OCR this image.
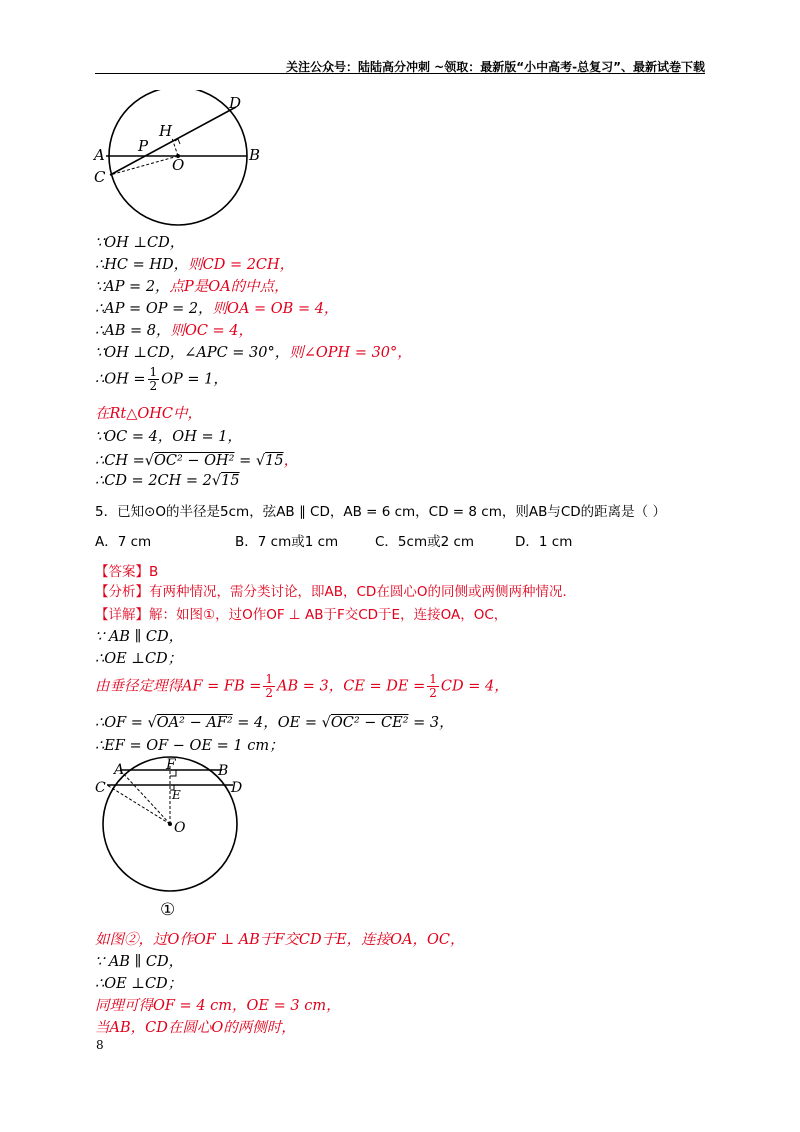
关注公众号：陆陆高分冲刺 ~领取：最新版“小中高考-总复习”、最新试卷下载
D
H
P
A	B
C
O
∵OH ⊥CD，
∴HC = HD，则CD = 2CH，
∵AP = 2，点P是OA的中点，
∴AP = OP = 2，则OA = OB = 4，
∴AB = 8，则OC = 4，
∵OH ⊥CD，∠APC = 30°，则∠OPH = 30°，
∴OH = $\frac{1}{2}$ OP = 1，
在Rt△OHC中，
∵OC = 4，OH = 1，
∴CH =√OC² − OH² = √15，
∴CD = 2CH = 2√15
5．已知⊙O的半径是5cm，弦AB ∥ CD，AB = 6 cm，CD = 8 cm，则AB与CD的距离是（ ）
A．7 cm	B．7 cm或1 cm	C．5cm或2 cm	D．1 cm
【答案】B
【分析】有两种情况，需分类讨论，即AB，CD在圆心O的同侧或两侧两种情况．
【详解】解：如图①，过O作OF ⊥ AB于F交CD于E，连接OA，OC，
∵ AB ∥ CD，
∴OE ⊥CD；
由垂径定理得AF = FB = $\frac{1}{2}$ AB = 3，CE = DE = $\frac{1}{2}$ CD = 4，
∴OF = √OA² − AF² = 4，OE = √OC² − CE² = 3，
∴EF = OF − OE = 1 cm；
A	F	B
C	D
E
O
①
如图②，过O作OF ⊥ AB于F交CD于E，连接OA，OC，
∵ AB ∥ CD，
∴OE ⊥CD；
同理可得OF = 4 cm，OE = 3 cm，
当AB，CD在圆心O的两侧时，
8
